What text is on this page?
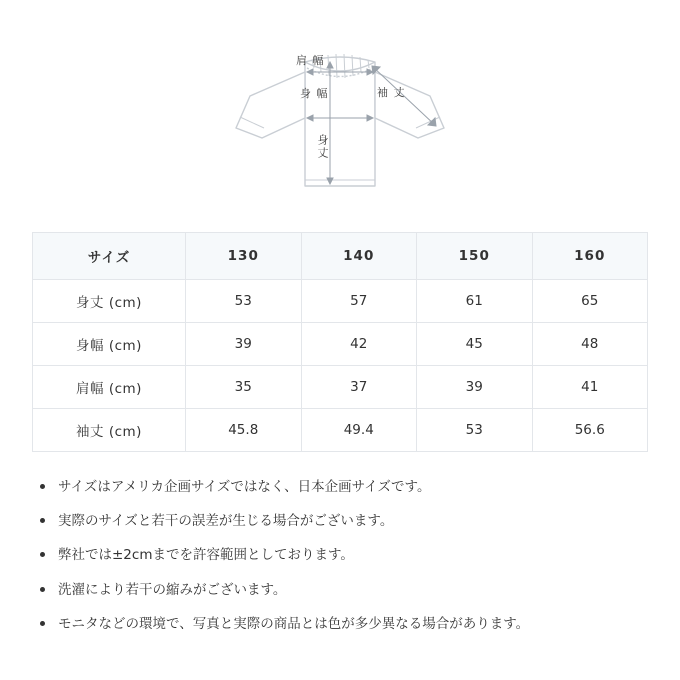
肩 幅
袖 丈
身 幅
身丈
サイズ	130	140	150	160
身丈 (cm)	53	57	61	65
身幅 (cm)	39	42	45	48
肩幅 (cm)	35	37	39	41
袖丈 (cm)	45.8	49.4	53	56.6
サイズはアメリカ企画サイズではなく、日本企画サイズです。
実際のサイズと若干の誤差が生じる場合がございます。
弊社では±2cmまでを許容範囲としております。
洗濯により若干の縮みがございます。
モニタなどの環境で、写真と実際の商品とは色が多少異なる場合があります。
